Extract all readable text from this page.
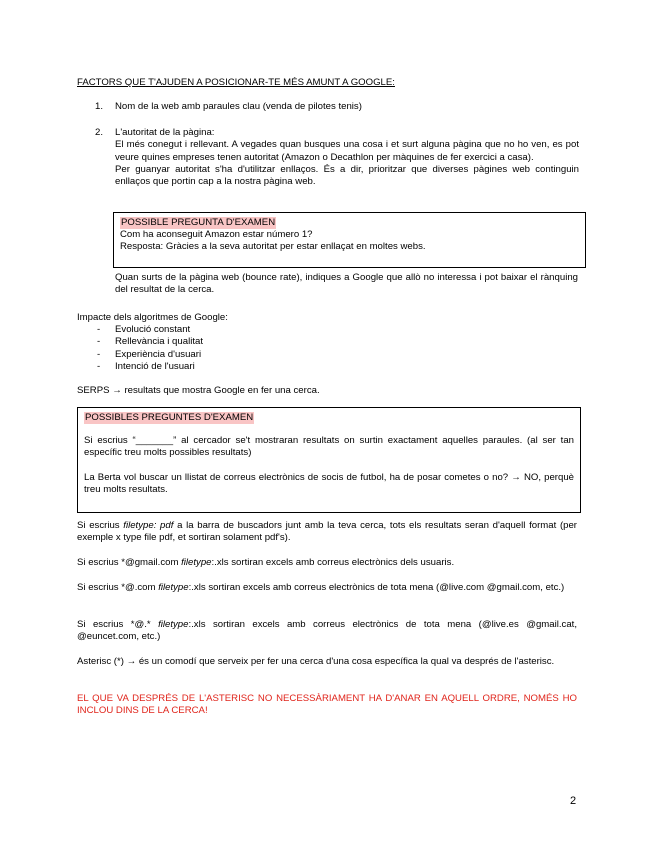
FACTORS QUE T'AJUDEN A POSICIONAR-TE MÉS AMUNT A GOOGLE:
1. Nom de la web amb paraules clau (venda de pilotes tenis)
2. L'autoritat de la pàgina:
El més conegut i rellevant. A vegades quan busques una cosa i et surt alguna pàgina que no ho ven, es pot veure quines empreses tenen autoritat (Amazon o Decathlon per màquines de fer exercici a casa).
Per guanyar autoritat s'ha d'utilitzar enllaços. És a dir, prioritzar que diverses pàgines web continguin enllaços que portin cap a la nostra pàgina web.
POSSIBLE PREGUNTA D'EXAMEN
Com ha aconseguit Amazon estar número 1?
Resposta: Gràcies a la seva autoritat per estar enllaçat en moltes webs.
Quan surts de la pàgina web (bounce rate), indiques a Google que allò no interessa i pot baixar el rànquing del resultat de la cerca.
Impacte dels algoritmes de Google:
- Evolució constant
- Rellevància i qualitat
- Experiència d'usuari
- Intenció de l'usuari
SERPS → resultats que mostra Google en fer una cerca.
POSSIBLES PREGUNTES D'EXAMEN
Si escrius “_______” al cercador se't mostraran resultats on surtin exactament aquelles paraules. (al ser tan específic treu molts possibles resultats)
La Berta vol buscar un llistat de correus electrònics de socis de futbol, ha de posar cometes o no? → NO, perquè treu molts resultats.
Si escrius filetype: pdf a la barra de buscadors junt amb la teva cerca, tots els resultats seran d'aquell format (per exemple x type file pdf, et sortiran solament pdf's).
Si escrius *@gmail.com filetype:.xls sortiran excels amb correus electrònics dels usuaris.
Si escrius *@.com filetype:.xls sortiran excels amb correus electrònics de tota mena (@live.com @gmail.com, etc.)
Si escrius *@.* filetype:.xls sortiran excels amb correus electrònics de tota mena (@live.es @gmail.cat, @euncet.com, etc.)
Asterisc (*) → és un comodí que serveix per fer una cerca d'una cosa específica la qual va després de l'asterisc.
EL QUE VA DESPRÉS DE L'ASTERISC NO NECESSÀRIAMENT HA D'ANAR EN AQUELL ORDRE, NOMÉS HO INCLOU DINS DE LA CERCA!
2
